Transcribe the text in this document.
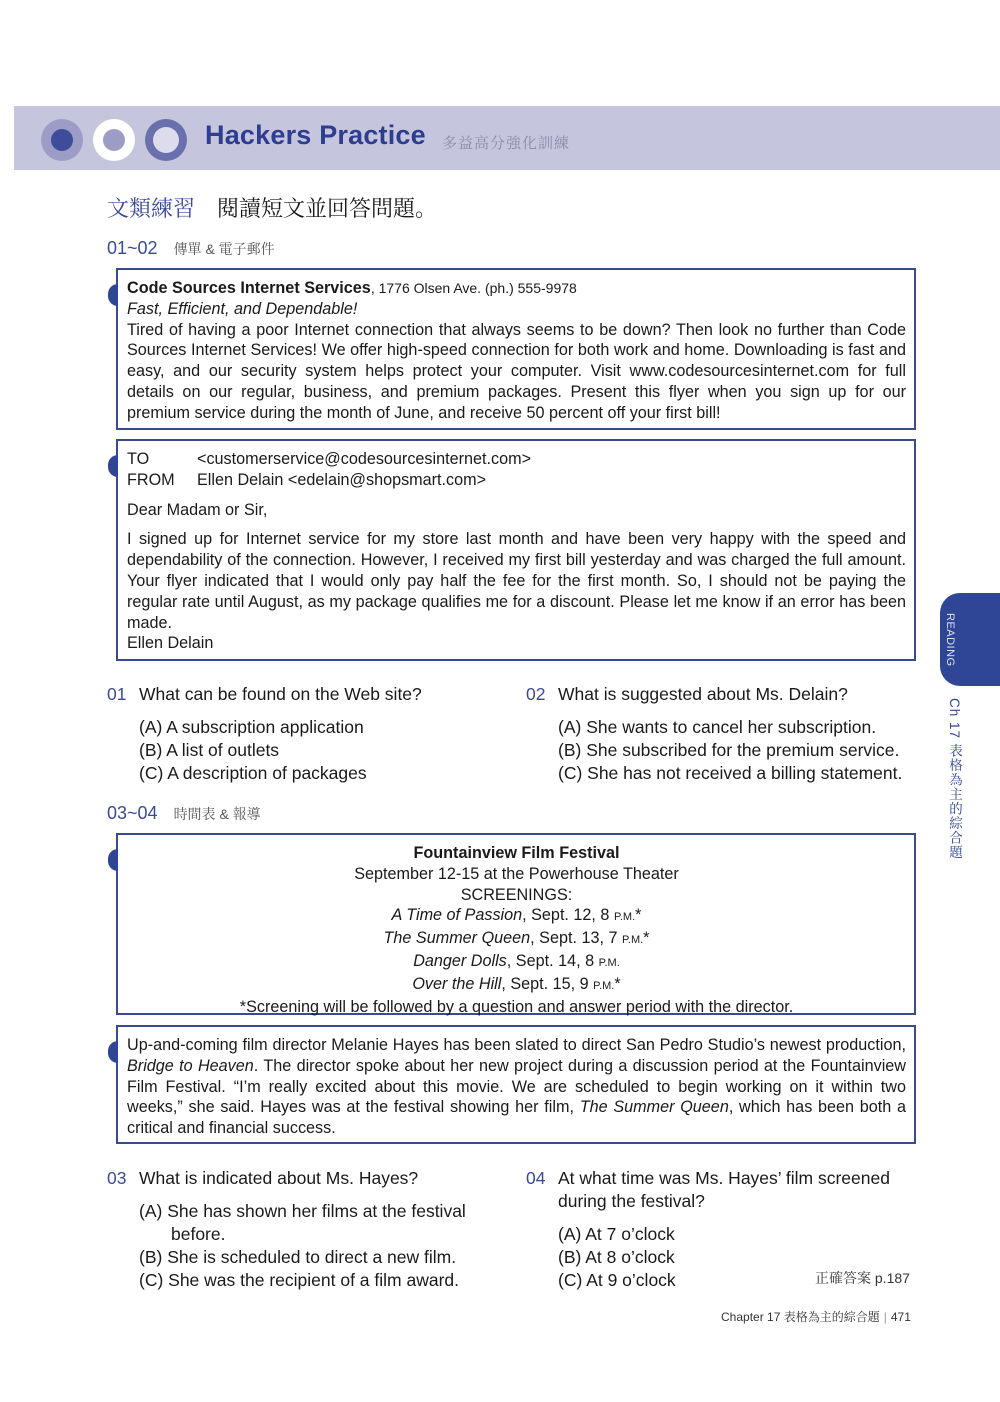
Hackers Practice 多益高分強化訓練
文類練習 閱讀短文並回答問題。
01~02 傳單 & 電子郵件
Code Sources Internet Services, 1776 Olsen Ave. (ph.) 555-9978
Fast, Efficient, and Dependable!
Tired of having a poor Internet connection that always seems to be down? Then look no further than Code Sources Internet Services! We offer high-speed connection for both work and home. Downloading is fast and easy, and our security system helps protect your computer. Visit www.codesourcesinternet.com for full details on our regular, business, and premium packages. Present this flyer when you sign up for our premium service during the month of June, and receive 50 percent off your first bill!
TO	<customerservice@codesourcesinternet.com>
FROM	Ellen Delain <edelain@shopsmart.com>
Dear Madam or Sir,
I signed up for Internet service for my store last month and have been very happy with the speed and dependability of the connection. However, I received my first bill yesterday and was charged the full amount. Your flyer indicated that I would only pay half the fee for the first month. So, I should not be paying the regular rate until August, as my package qualifies me for a discount. Please let me know if an error has been made.
Ellen Delain
01 What can be found on the Web site?
(A) A subscription application
(B) A list of outlets
(C) A description of packages
02 What is suggested about Ms. Delain?
(A) She wants to cancel her subscription.
(B) She subscribed for the premium service.
(C) She has not received a billing statement.
03~04 時間表 & 報導
Fountainview Film Festival
September 12-15 at the Powerhouse Theater
SCREENINGS:
A Time of Passion, Sept. 12, 8 P.M.*
The Summer Queen, Sept. 13, 7 P.M.*
Danger Dolls, Sept. 14, 8 P.M.
Over the Hill, Sept. 15, 9 P.M.*
*Screening will be followed by a question and answer period with the director.
Up-and-coming film director Melanie Hayes has been slated to direct San Pedro Studio’s newest production, Bridge to Heaven. The director spoke about her new project during a discussion period at the Fountainview Film Festival. “I’m really excited about this movie. We are scheduled to begin working on it within two weeks,” she said. Hayes was at the festival showing her film, The Summer Queen, which has been both a critical and financial success.
03 What is indicated about Ms. Hayes?
(A) She has shown her films at the festival before.
(B) She is scheduled to direct a new film.
(C) She was the recipient of a film award.
04 At what time was Ms. Hayes’ film screened during the festival?
(A) At 7 o’clock
(B) At 8 o’clock
(C) At 9 o’clock	正確答案 p.187
Chapter 17 表格為主的綜合題 | 471
READING
Ch 17 表格為主的綜合題
